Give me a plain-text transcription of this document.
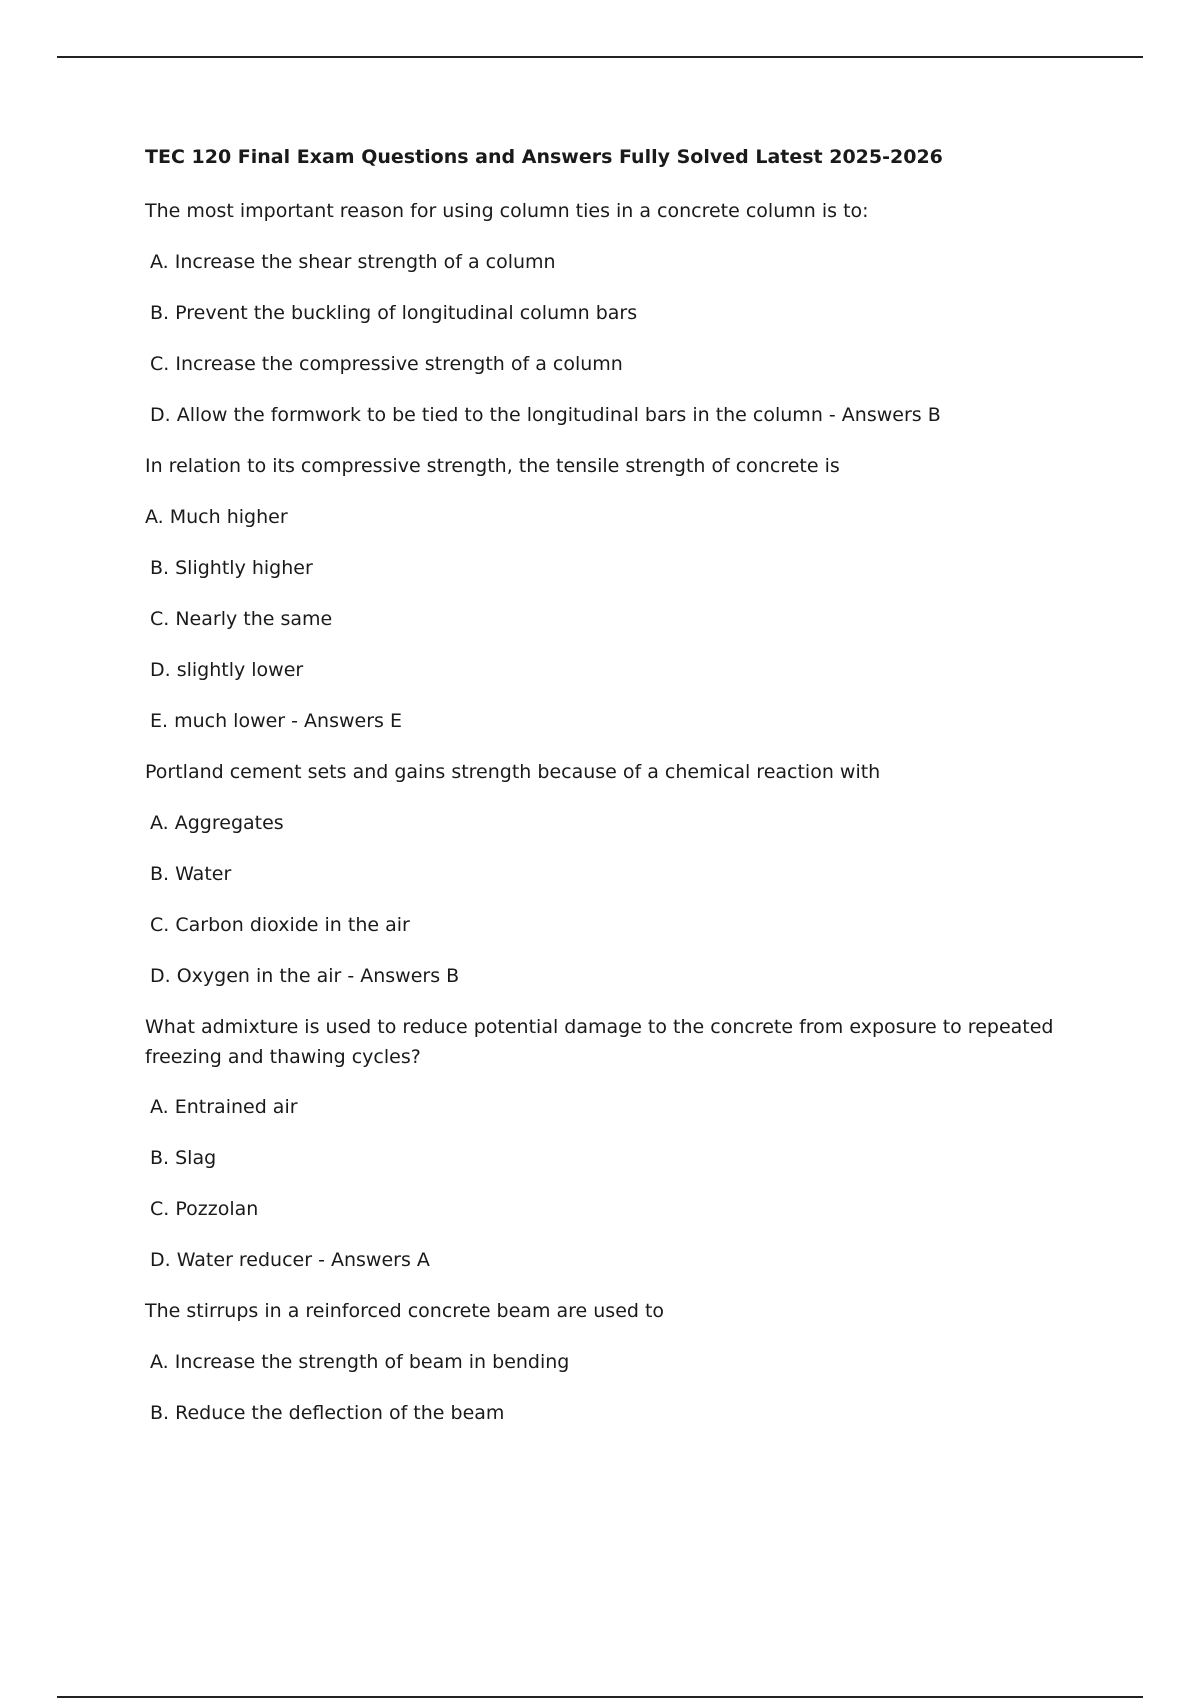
TEC 120 Final Exam Questions and Answers Fully Solved Latest 2025-2026
The most important reason for using column ties in a concrete column is to:
A. Increase the shear strength of a column
B. Prevent the buckling of longitudinal column bars
C. Increase the compressive strength of a column
D. Allow the formwork to be tied to the longitudinal bars in the column - Answers B
In relation to its compressive strength, the tensile strength of concrete is
A. Much higher
B. Slightly higher
C. Nearly the same
D. slightly lower
E. much lower - Answers E
Portland cement sets and gains strength because of a chemical reaction with
A. Aggregates
B. Water
C. Carbon dioxide in the air
D. Oxygen in the air - Answers B
What admixture is used to reduce potential damage to the concrete from exposure to repeated freezing and thawing cycles?
A. Entrained air
B. Slag
C. Pozzolan
D. Water reducer - Answers A
The stirrups in a reinforced concrete beam are used to
A. Increase the strength of beam in bending
B. Reduce the deflection of the beam
